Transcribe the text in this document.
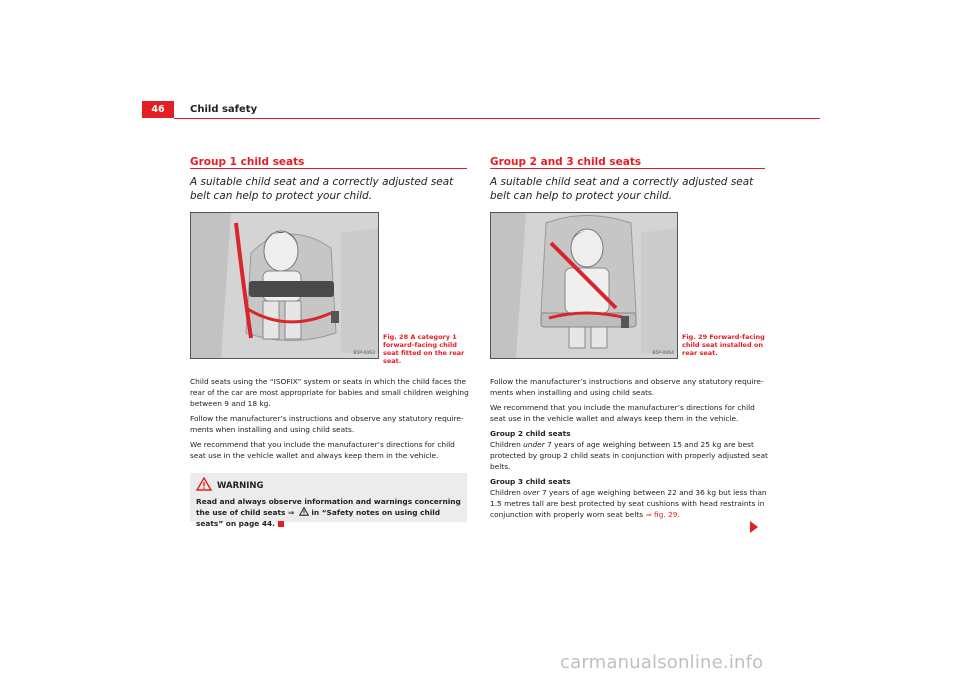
46	Child safety
Group 1 child seats
A suitable child seat and a correctly adjusted seat belt can help to protect your child.
B5P-0063
Fig. 28 A category 1 forward-facing child seat fitted on the rear seat.

Child seats using the “ISOFIX” system or seats in which the child faces the rear of the car are most appropriate for babies and small children weighing between 9 and 18 kg.

Follow the manufacturer’s instructions and observe any statutory require-ments when installing and using child seats.

We recommend that you include the manufacturer’s directions for child seat use in the vehicle wallet and always keep them in the vehicle.

WARNING
Read and always observe information and warnings concerning the use of child seats ⇒  in “Safety notes on using child seats” on page 44.
Group 2 and 3 child seats
A suitable child seat and a correctly adjusted seat belt can help to protect your child.
B5P-0064
Fig. 29 Forward-facing child seat installed on rear seat.

Follow the manufacturer’s instructions and observe any statutory require-ments when installing and using child seats.

We recommend that you include the manufacturer’s directions for child seat use in the vehicle wallet and always keep them in the vehicle.

Group 2 child seats

Children under 7 years of age weighing between 15 and 25 kg are best protected by group 2 child seats in conjunction with properly adjusted seat belts.

Group 3 child seats

Children over 7 years of age weighing between 22 and 36 kg but less than 1.5 metres tall are best protected by seat cushions with head restraints in conjunction with properly worn seat belts ⇒ fig. 29.

carmanualsonline.info
